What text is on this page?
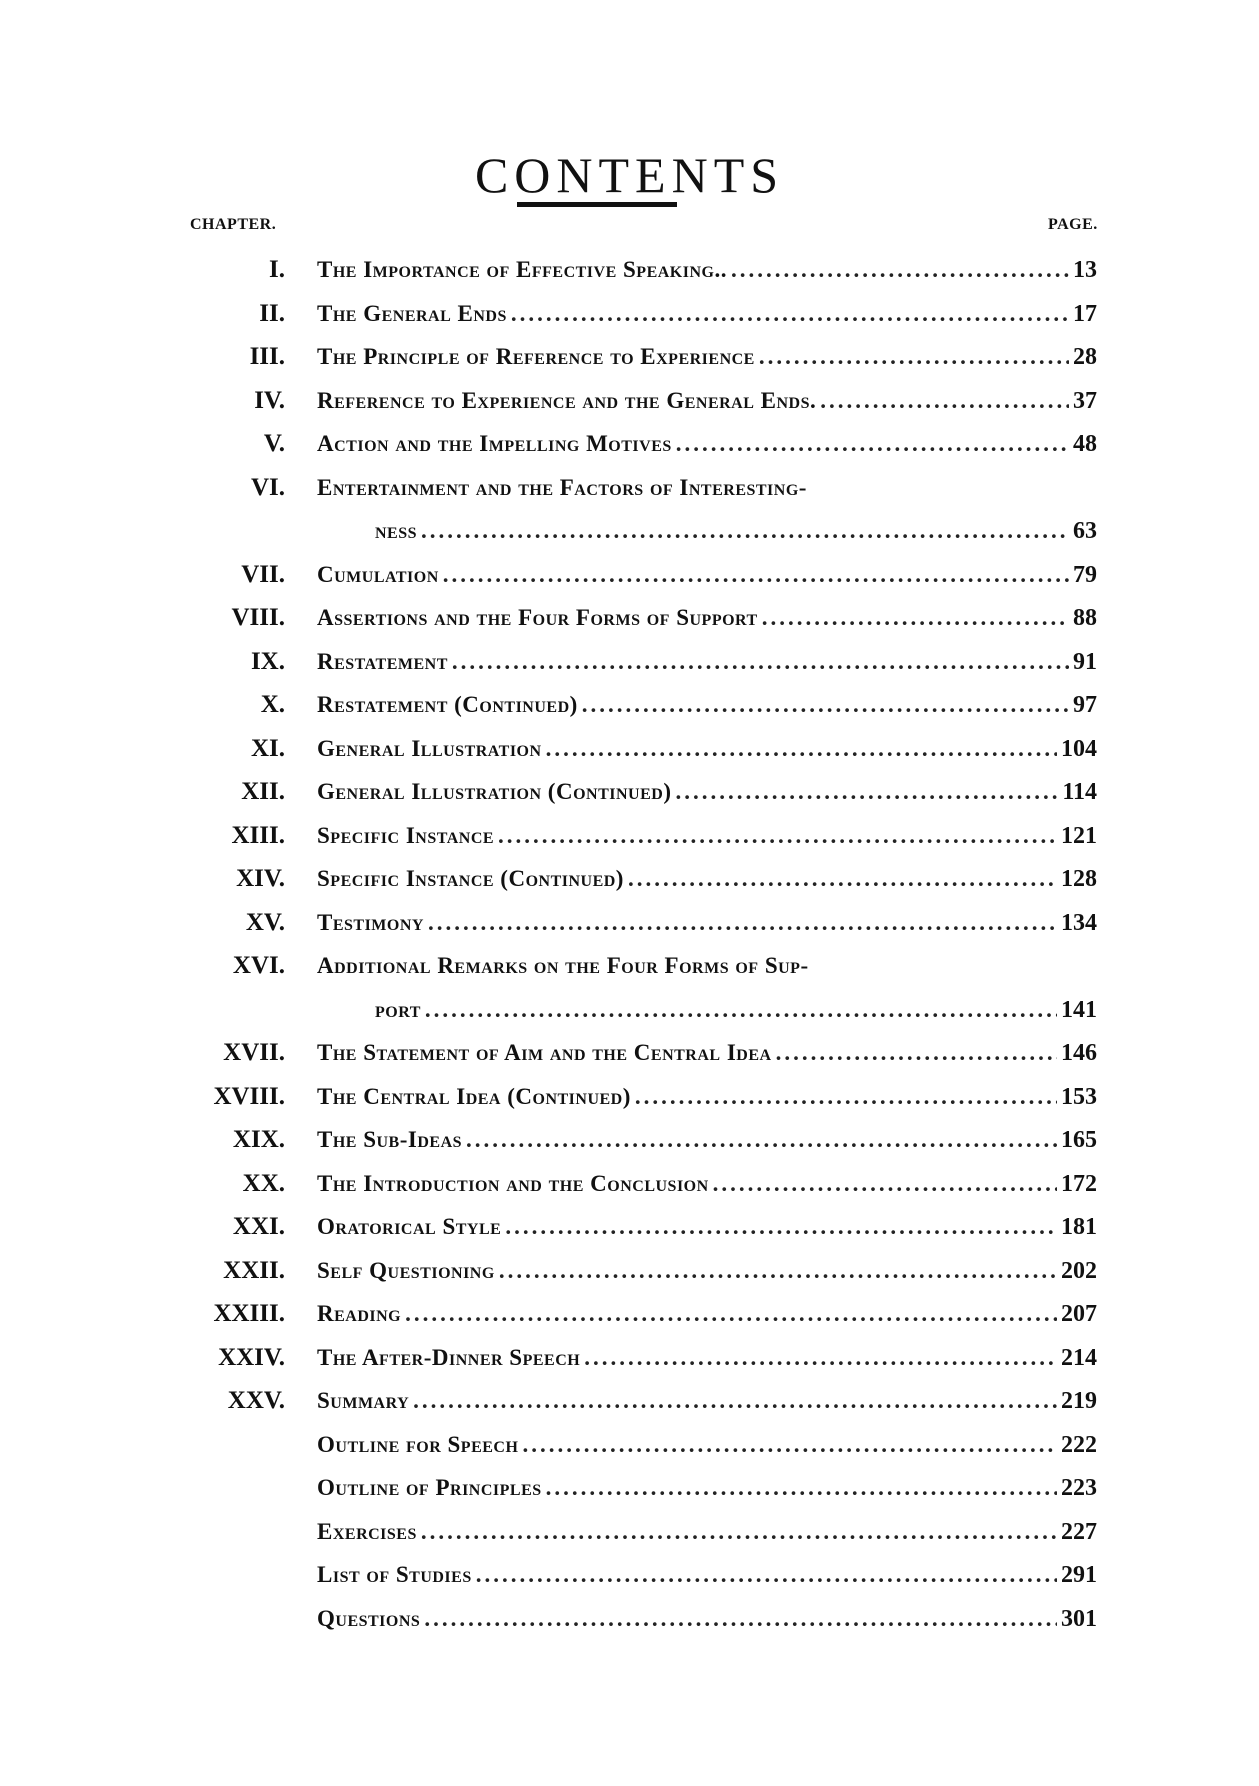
CONTENTS
CHAPTER.	PAGE.
I. The Importance of Effective Speaking.. .....	13
II. The General Ends .....	17
III. The Principle of Reference to Experience .....	28
IV. Reference to Experience and the General Ends. .....	37
V. Action and the Impelling Motives .....	48
VI. Entertainment and the Factors of Interesting-
ness .....	63
VII. Cumulation .....	79
VIII. Assertions and the Four Forms of Support .....	88
IX. Restatement .....	91
X. Restatement (Continued) .....	97
XI. General Illustration .....	104
XII. General Illustration (Continued) .....	114
XIII. Specific Instance .....	121
XIV. Specific Instance (Continued) .....	128
XV. Testimony .....	134
XVI. Additional Remarks on the Four Forms of Sup-
port .....	141
XVII. The Statement of Aim and the Central Idea .....	146
XVIII. The Central Idea (Continued) .....	153
XIX. The Sub-Ideas .....	165
XX. The Introduction and the Conclusion .....	172
XXI. Oratorical Style .....	181
XXII. Self Questioning .....	202
XXIII. Reading .....	207
XXIV. The After-Dinner Speech .....	214
XXV. Summary .....	219
Outline for Speech .....	222
Outline of Principles .....	223
Exercises .....	227
List of Studies .....	291
Questions .....	301
